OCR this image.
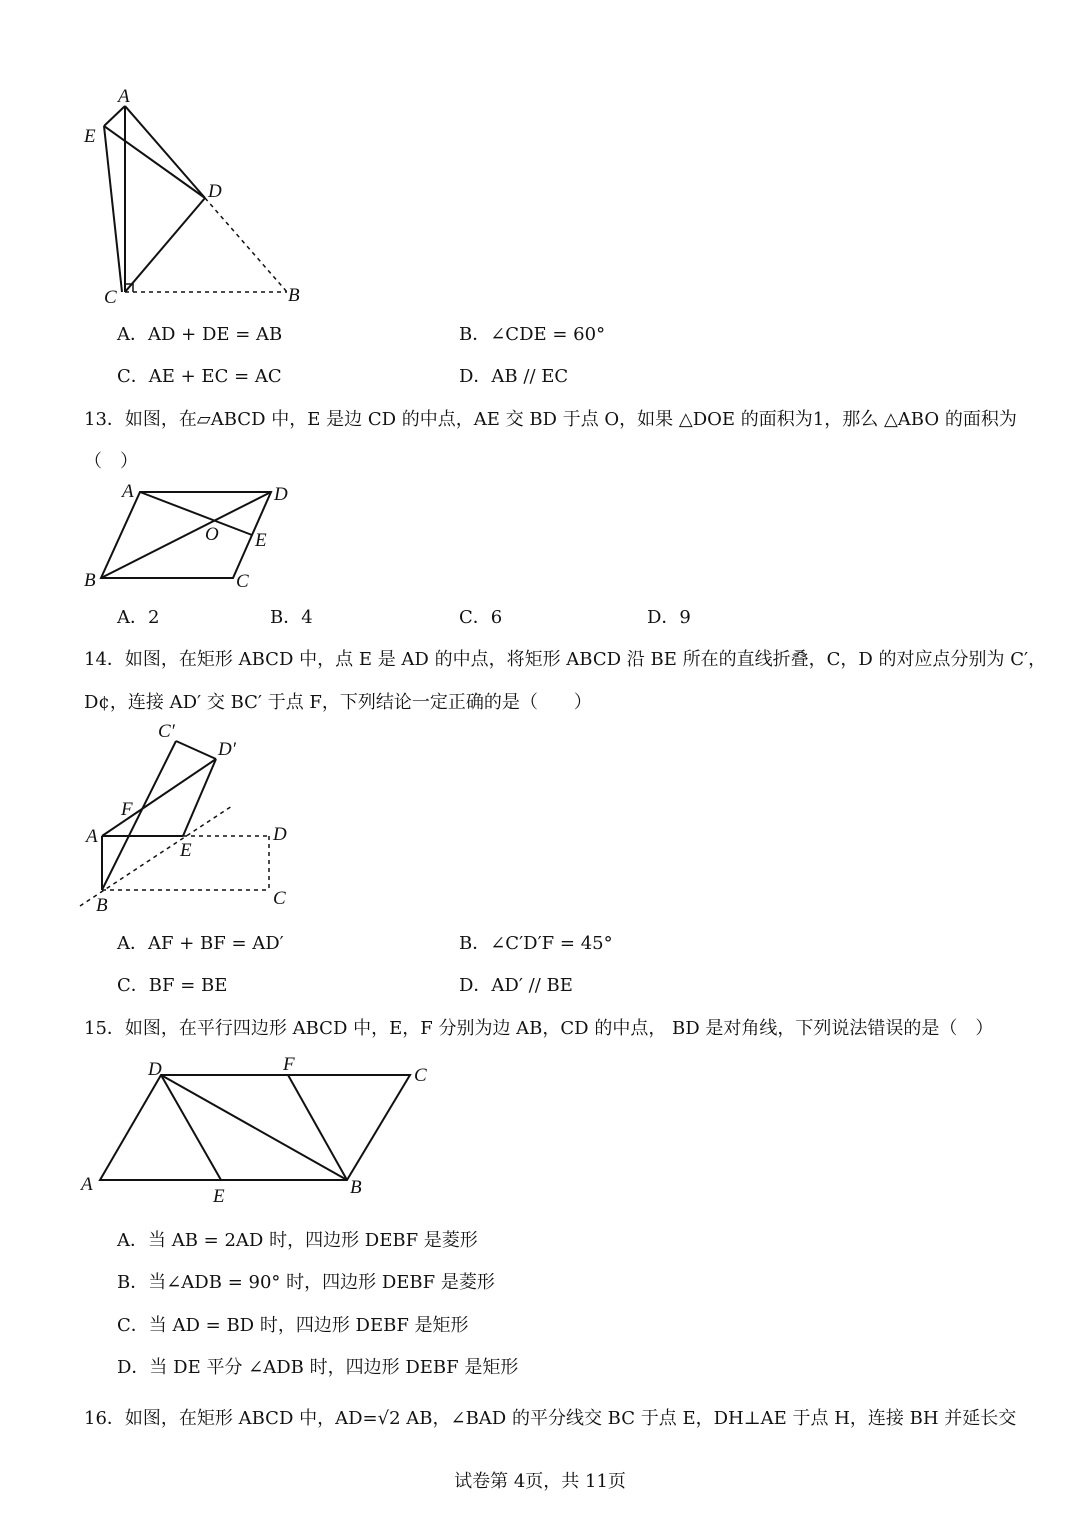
A
E
D
C	B
A．AD + DE = AB	B．∠CDE = 60°
C．AE + EC = AC	D．AB // EC
13．如图，在▱ABCD 中，E 是边 CD 的中点，AE 交 BD 于点 O，如果 △DOE 的面积为1，那么 △ABO 的面积为
（　）
A	D
O E
B	C
A．2	B．4	C．6	D．9
14．如图，在矩形 ABCD 中，点 E 是 AD 的中点，将矩形 ABCD 沿 BE 所在的直线折叠，C，D 的对应点分别为 C′，
D¢，连接 AD′ 交 BC′ 于点 F，下列结论一定正确的是（　　）
C′
D′
F
A
E
D
B	C
A．AF + BF = AD′	B．∠C′D′F = 45°
C．BF = BE	D．AD′ // BE
15．如图，在平行四边形 ABCD 中，E，F 分别为边 AB，CD 的中点， BD 是对角线，下列说法错误的是（　）
D	F
C
A
E	B
A．当 AB = 2AD 时，四边形 DEBF 是菱形
B．当∠ADB = 90° 时，四边形 DEBF 是菱形
C．当 AD = BD 时，四边形 DEBF 是矩形
D．当 DE 平分 ∠ADB 时，四边形 DEBF 是矩形
16．如图，在矩形 ABCD 中，AD=√2 AB，∠BAD 的平分线交 BC 于点 E，DH⊥AE 于点 H，连接 BH 并延长交
试卷第 4页，共 11页
